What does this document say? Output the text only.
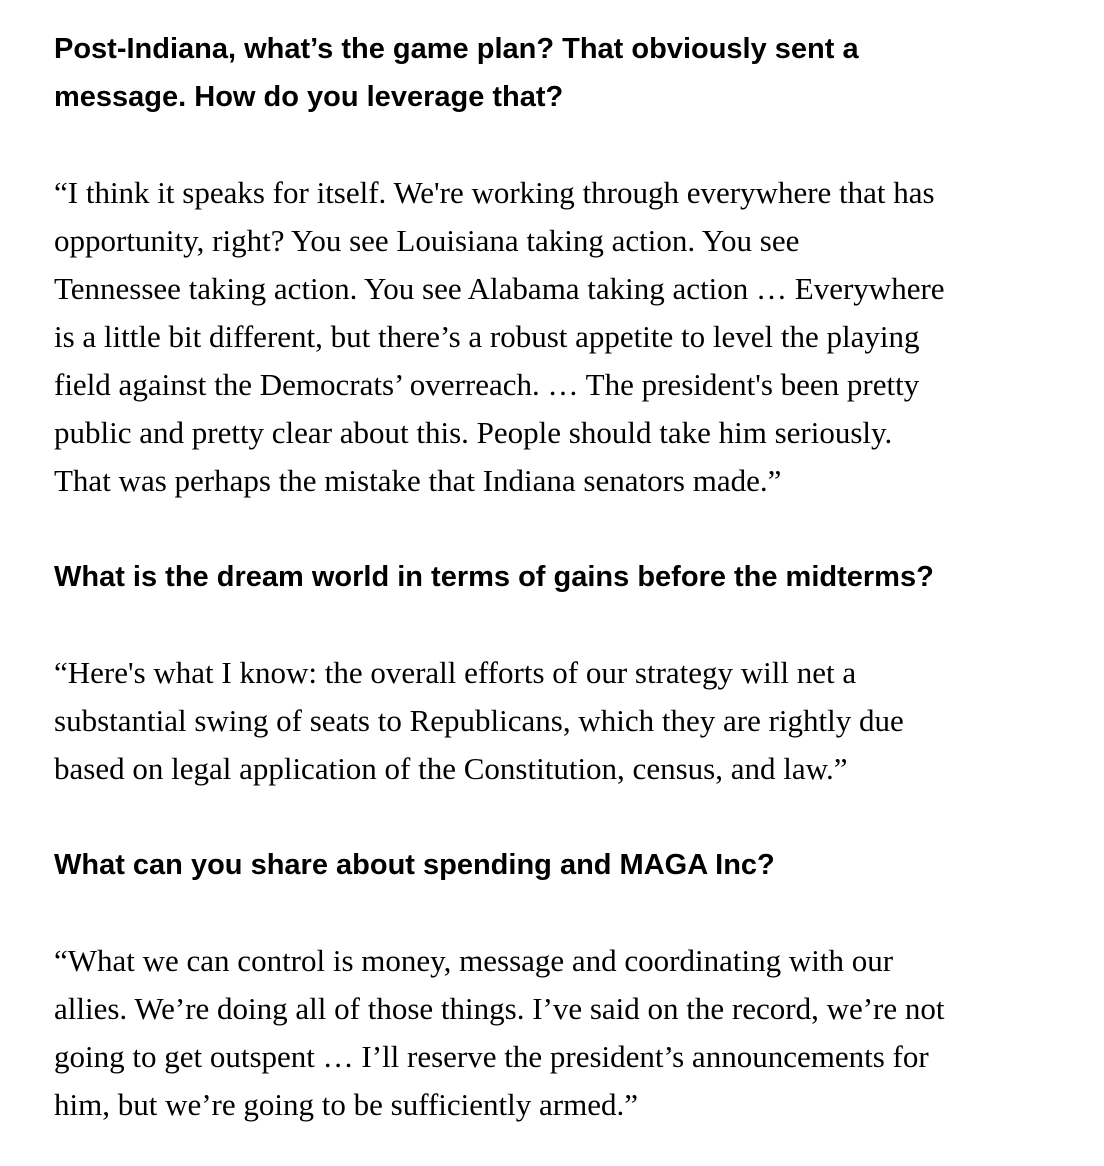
Post-Indiana, what’s the game plan? That obviously sent a
message. How do you leverage that?

“I think it speaks for itself. We're working through everywhere that has
opportunity, right? You see Louisiana taking action. You see
Tennessee taking action. You see Alabama taking action … Everywhere
is a little bit different, but there’s a robust appetite to level the playing
field against the Democrats’ overreach. … The president's been pretty
public and pretty clear about this. People should take him seriously.
That was perhaps the mistake that Indiana senators made.”

What is the dream world in terms of gains before the midterms?

“Here's what I know: the overall efforts of our strategy will net a
substantial swing of seats to Republicans, which they are rightly due
based on legal application of the Constitution, census, and law.”

What can you share about spending and MAGA Inc?

“What we can control is money, message and coordinating with our
allies. We’re doing all of those things. I’ve said on the record, we’re not
going to get outspent … I’ll reserve the president’s announcements for
him, but we’re going to be sufficiently armed.”
